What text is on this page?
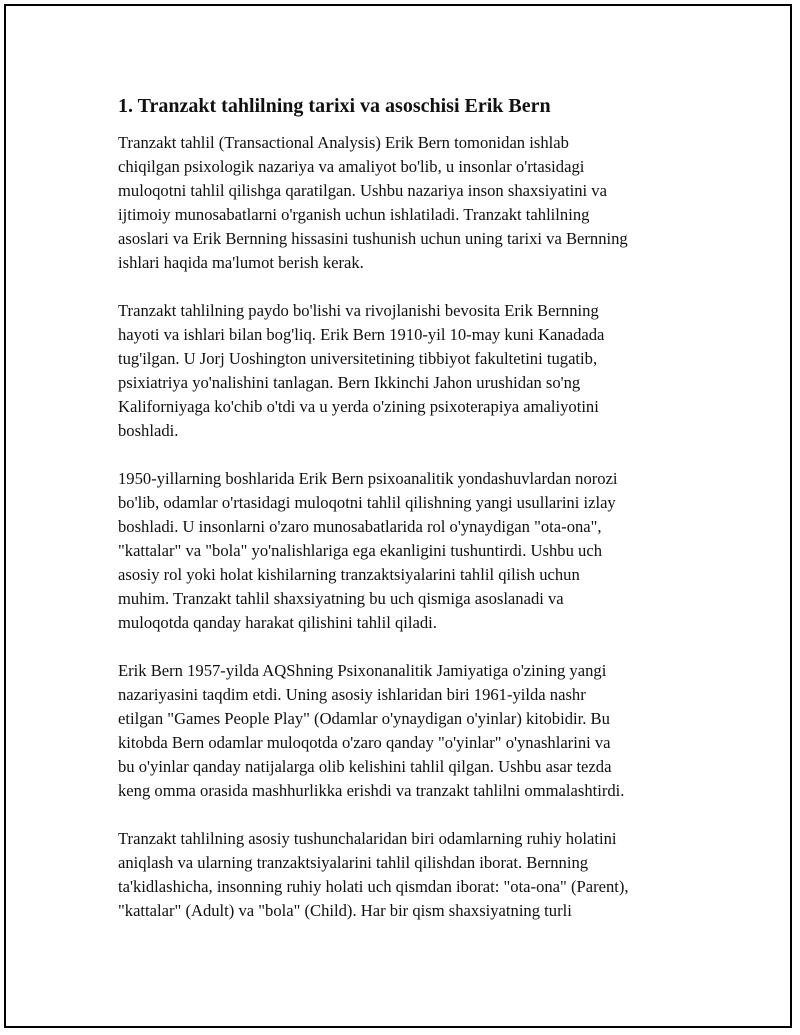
1. Tranzakt tahlilning tarixi va asoschisi Erik Bern

Tranzakt tahlil (Transactional Analysis) Erik Bern tomonidan ishlab
chiqilgan psixologik nazariya va amaliyot bo'lib, u insonlar o'rtasidagi
muloqotni tahlil qilishga qaratilgan. Ushbu nazariya inson shaxsiyatini va
ijtimoiy munosabatlarni o'rganish uchun ishlatiladi. Tranzakt tahlilning
asoslari va Erik Bernning hissasini tushunish uchun uning tarixi va Bernning
ishlari haqida ma'lumot berish kerak.

Tranzakt tahlilning paydo bo'lishi va rivojlanishi bevosita Erik Bernning
hayoti va ishlari bilan bog'liq. Erik Bern 1910-yil 10-may kuni Kanadada
tug'ilgan. U Jorj Uoshington universitetining tibbiyot fakultetini tugatib,
psixiatriya yo'nalishini tanlagan. Bern Ikkinchi Jahon urushidan so'ng
Kaliforniyaga ko'chib o'tdi va u yerda o'zining psixoterapiya amaliyotini
boshladi.

1950-yillarning boshlarida Erik Bern psixoanalitik yondashuvlardan norozi
bo'lib, odamlar o'rtasidagi muloqotni tahlil qilishning yangi usullarini izlay
boshladi. U insonlarni o'zaro munosabatlarida rol o'ynaydigan "ota-ona",
"kattalar" va "bola" yo'nalishlariga ega ekanligini tushuntirdi. Ushbu uch
asosiy rol yoki holat kishilarning tranzaktsiyalarini tahlil qilish uchun
muhim. Tranzakt tahlil shaxsiyatning bu uch qismiga asoslanadi va
muloqotda qanday harakat qilishini tahlil qiladi.

Erik Bern 1957-yilda AQShning Psixonanalitik Jamiyatiga o'zining yangi
nazariyasini taqdim etdi. Uning asosiy ishlaridan biri 1961-yilda nashr
etilgan "Games People Play" (Odamlar o'ynaydigan o'yinlar) kitobidir. Bu
kitobda Bern odamlar muloqotda o'zaro qanday "o'yinlar" o'ynashlarini va
bu o'yinlar qanday natijalarga olib kelishini tahlil qilgan. Ushbu asar tezda
keng omma orasida mashhurlikka erishdi va tranzakt tahlilni ommalashtirdi.

Tranzakt tahlilning asosiy tushunchalaridan biri odamlarning ruhiy holatini
aniqlash va ularning tranzaktsiyalarini tahlil qilishdan iborat. Bernning
ta'kidlashicha, insonning ruhiy holati uch qismdan iborat: "ota-ona" (Parent),
"kattalar" (Adult) va "bola" (Child). Har bir qism shaxsiyatning turli
